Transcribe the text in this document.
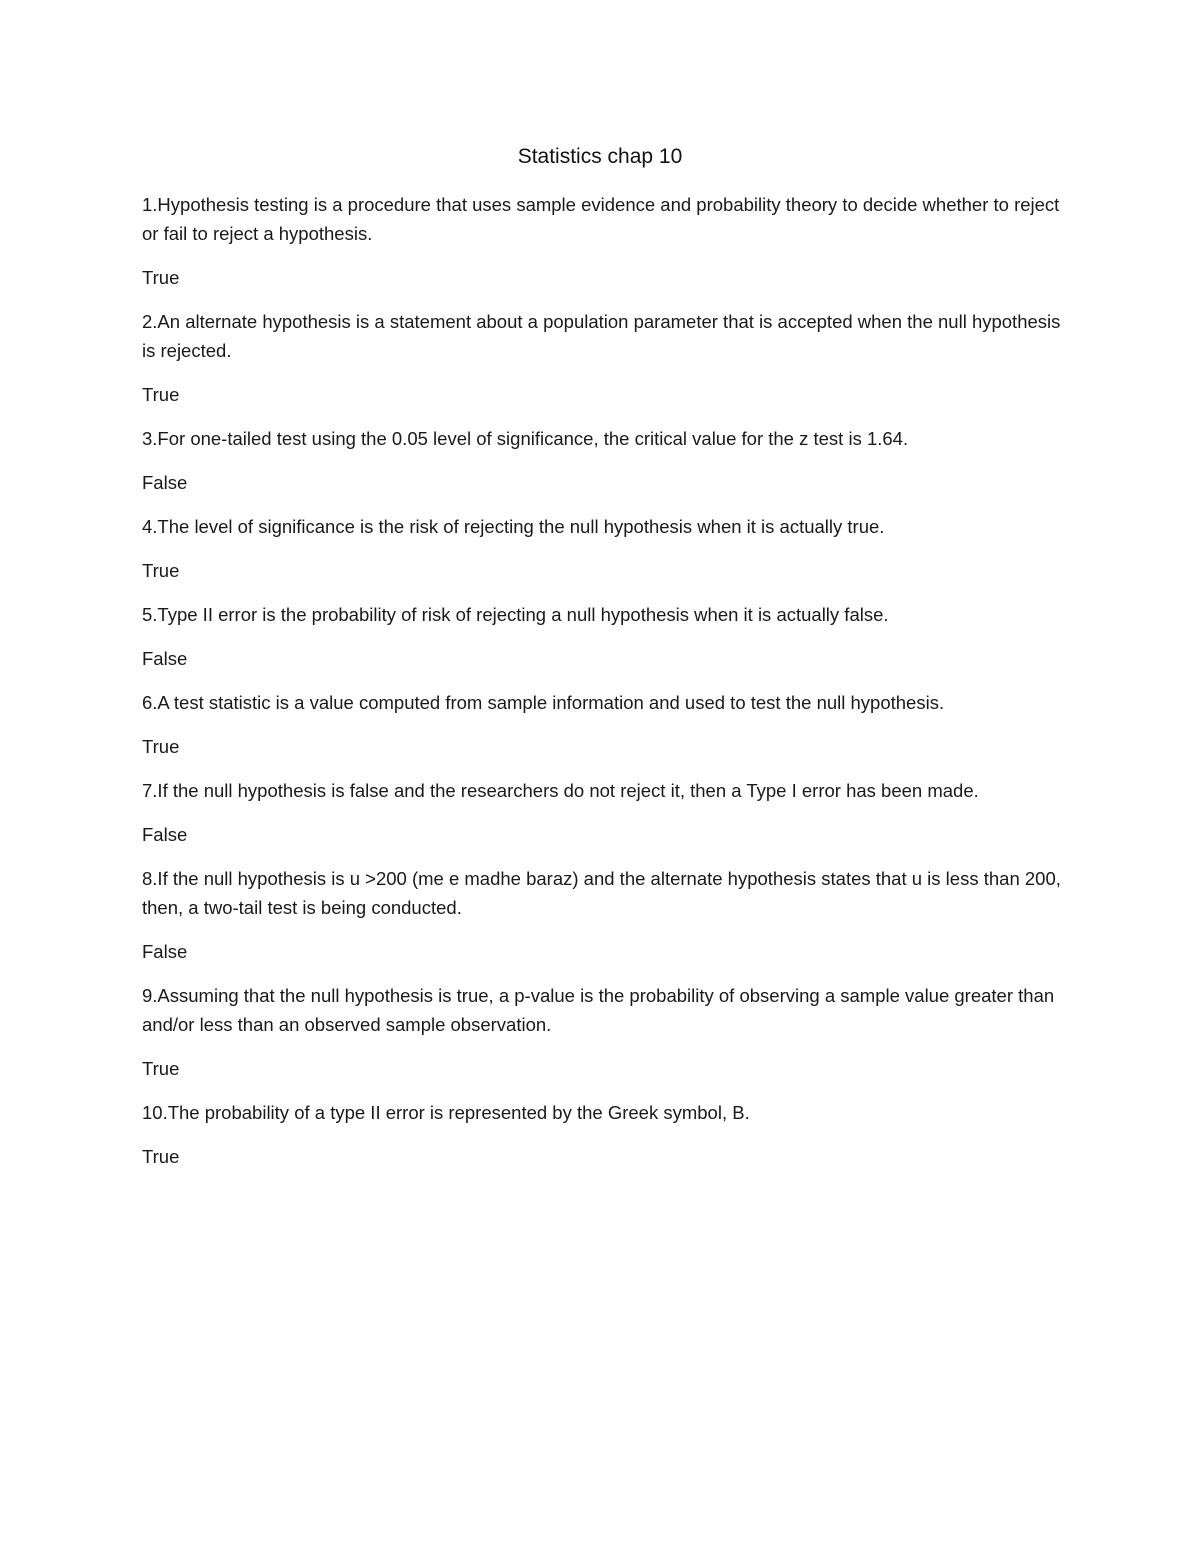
Statistics chap 10

1.Hypothesis testing is a procedure that uses sample evidence and probability theory to decide whether to reject or fail to reject a hypothesis.

True

2.An alternate hypothesis is a statement about a population parameter that is accepted when the null hypothesis is rejected.

True

3.For one-tailed test using the 0.05 level of significance, the critical value for the z test is 1.64.

False

4.The level of significance is the risk of rejecting the null hypothesis when it is actually true.

True

5.Type II error is the probability of risk of rejecting a null hypothesis when it is actually false.

False

6.A test statistic is a value computed from sample information and used to test the null hypothesis.

True

7.If the null hypothesis is false and the researchers do not reject it, then a Type I error has been made.

False

8.If the null hypothesis is u >200 (me e madhe baraz) and the alternate hypothesis states that u is less than 200, then, a two-tail test is being conducted.

False

9.Assuming that the null hypothesis is true, a p-value is the probability of observing a sample value greater than and/or less than an observed sample observation.

True

10.The probability of a type II error is represented by the Greek symbol, B.

True
